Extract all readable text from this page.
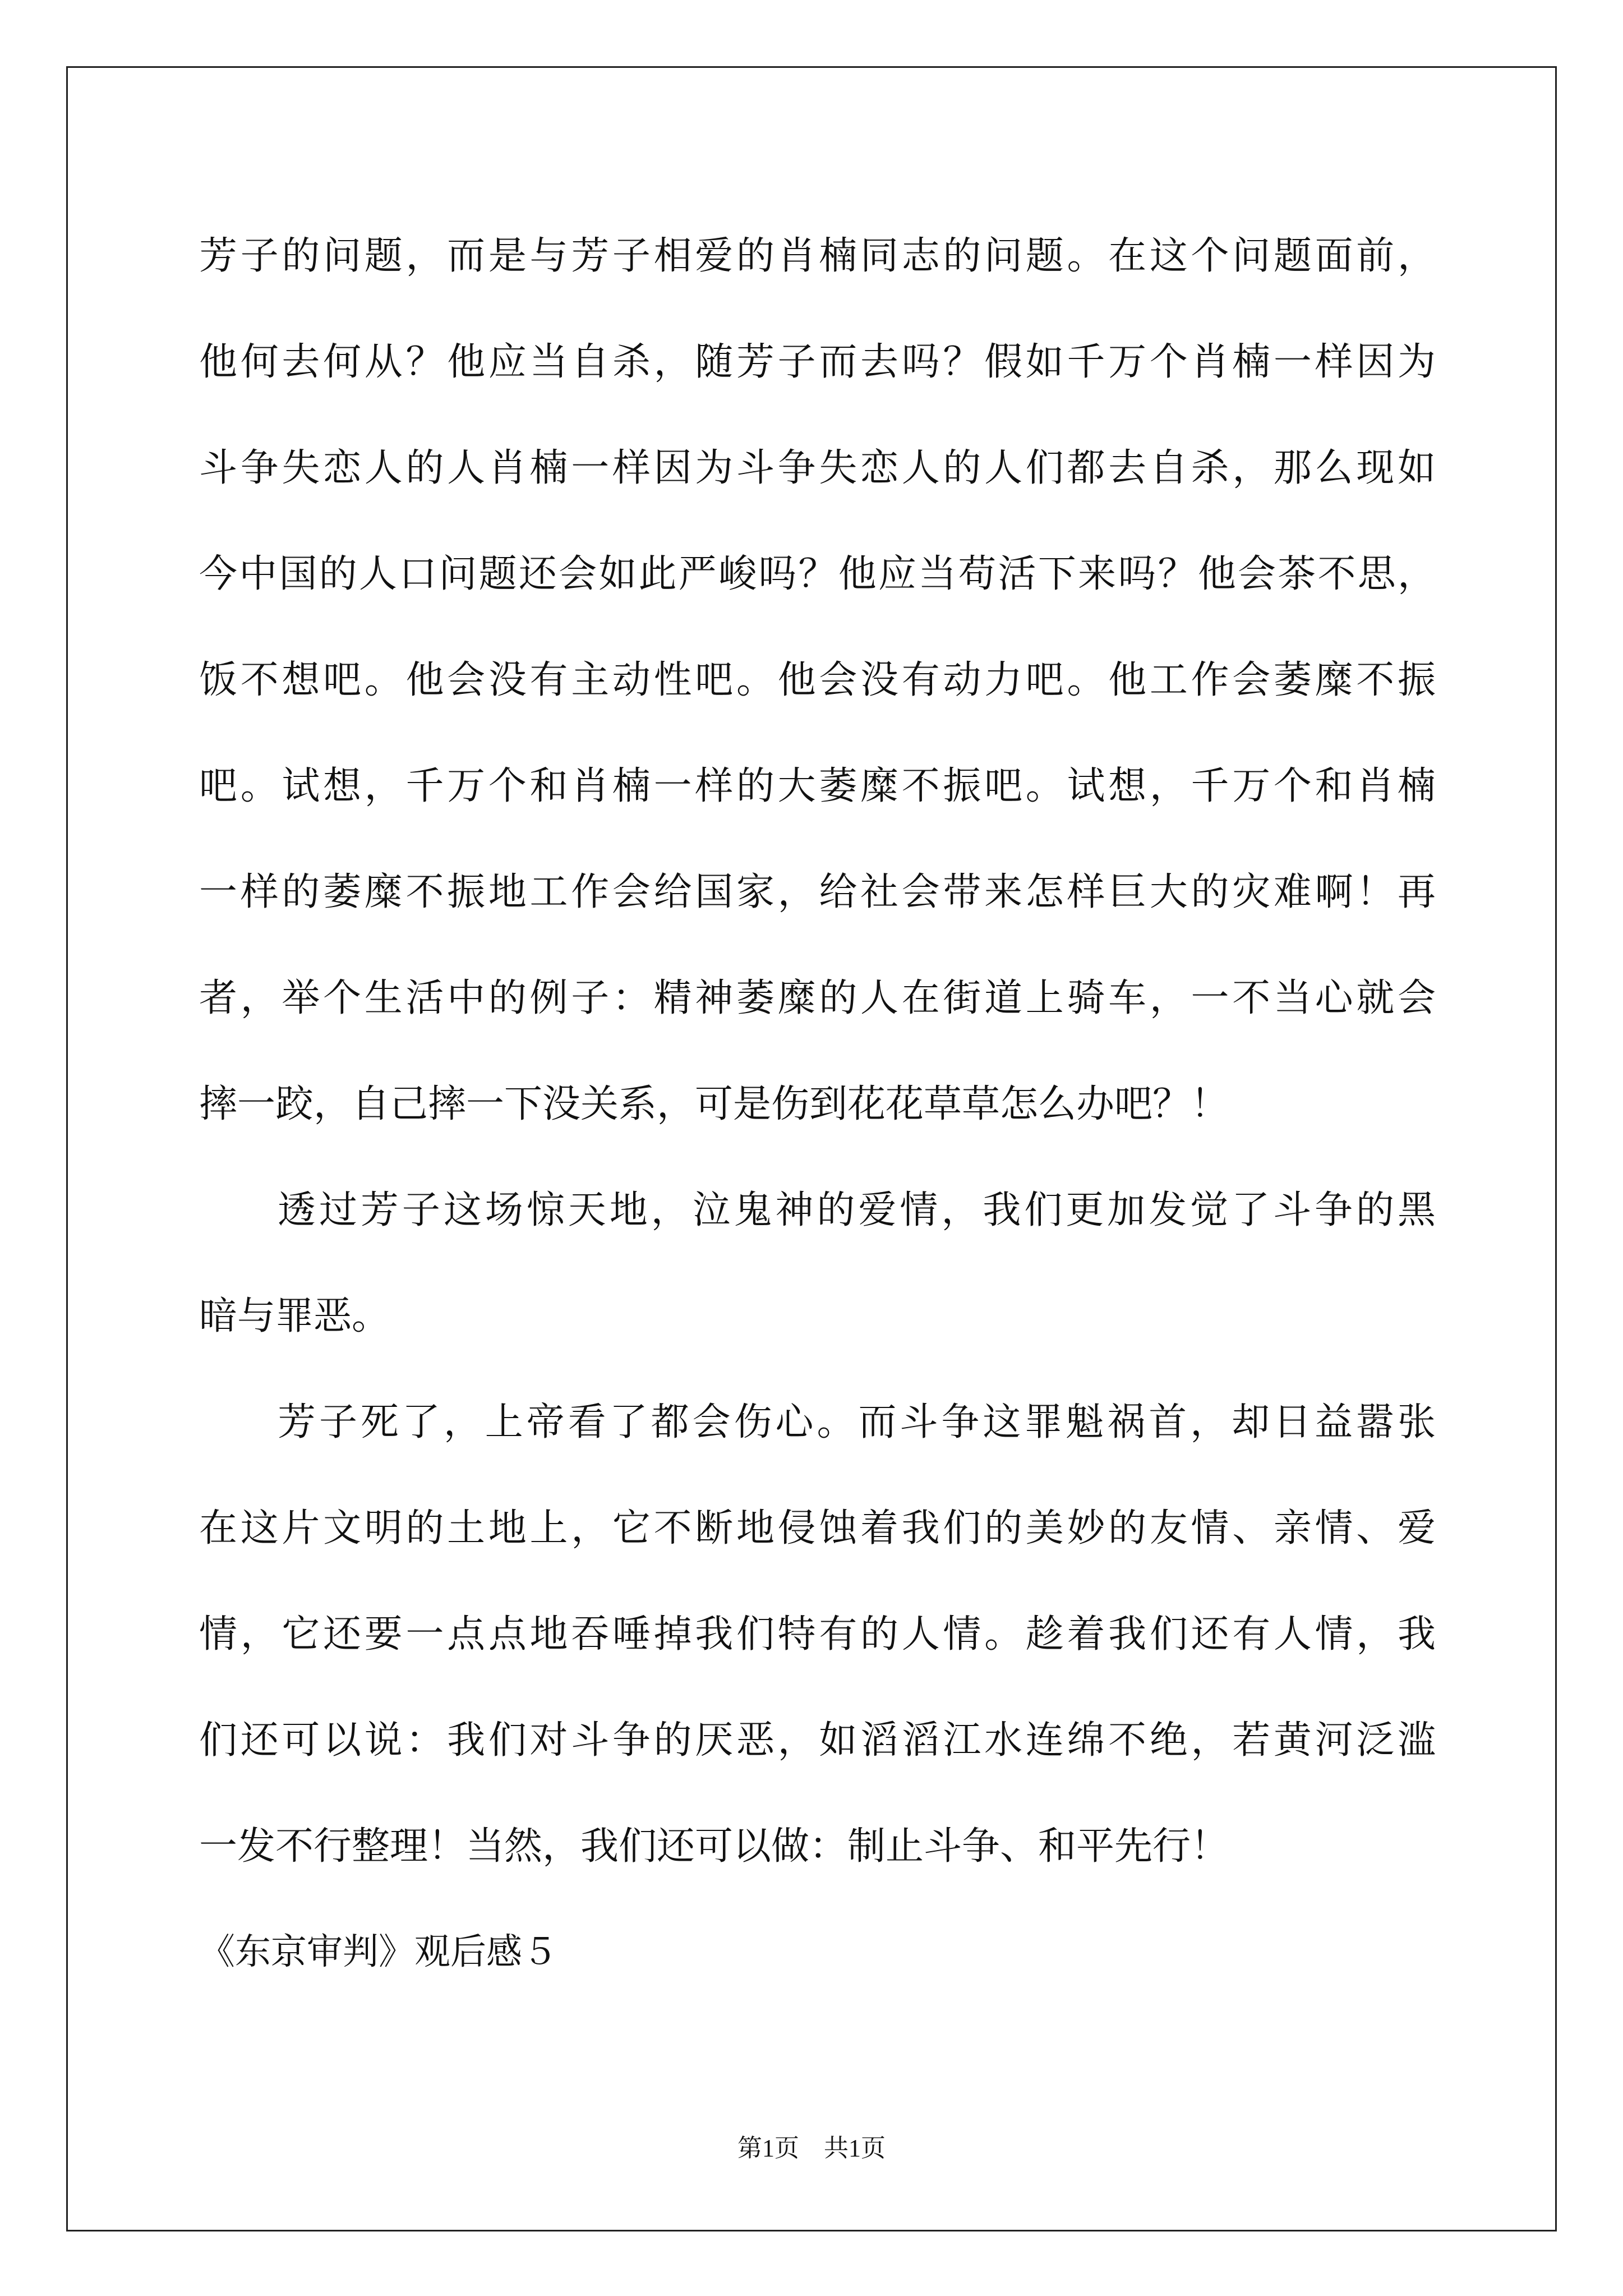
芳子的问题，而是与芳子相爱的肖楠同志的问题。在这个问题面前，
他何去何从？他应当自杀，随芳子而去吗？假如千万个肖楠一样因为
斗争失恋人的人肖楠一样因为斗争失恋人的人们都去自杀，那么现如
今中国的人口问题还会如此严峻吗？他应当苟活下来吗？他会茶不思，
饭不想吧。他会没有主动性吧。他会没有动力吧。他工作会萎糜不振
吧。试想，千万个和肖楠一样的大萎糜不振吧。试想，千万个和肖楠
一样的萎糜不振地工作会给国家，给社会带来怎样巨大的灾难啊！再
者，举个生活中的例子：精神萎糜的人在街道上骑车，一不当心就会
摔一跤，自己摔一下没关系，可是伤到花花草草怎么办吧？！
透过芳子这场惊天地，泣鬼神的爱情，我们更加发觉了斗争的黑
暗与罪恶。
芳子死了，上帝看了都会伤心。而斗争这罪魁祸首，却日益嚣张
在这片文明的土地上，它不断地侵蚀着我们的美妙的友情、亲情、爱
情，它还要一点点地吞唾掉我们特有的人情。趁着我们还有人情，我
们还可以说：我们对斗争的厌恶，如滔滔江水连绵不绝，若黄河泛滥
一发不行整理！当然，我们还可以做：制止斗争、和平先行！
《东京审判》观后感５
第1页　共1页
